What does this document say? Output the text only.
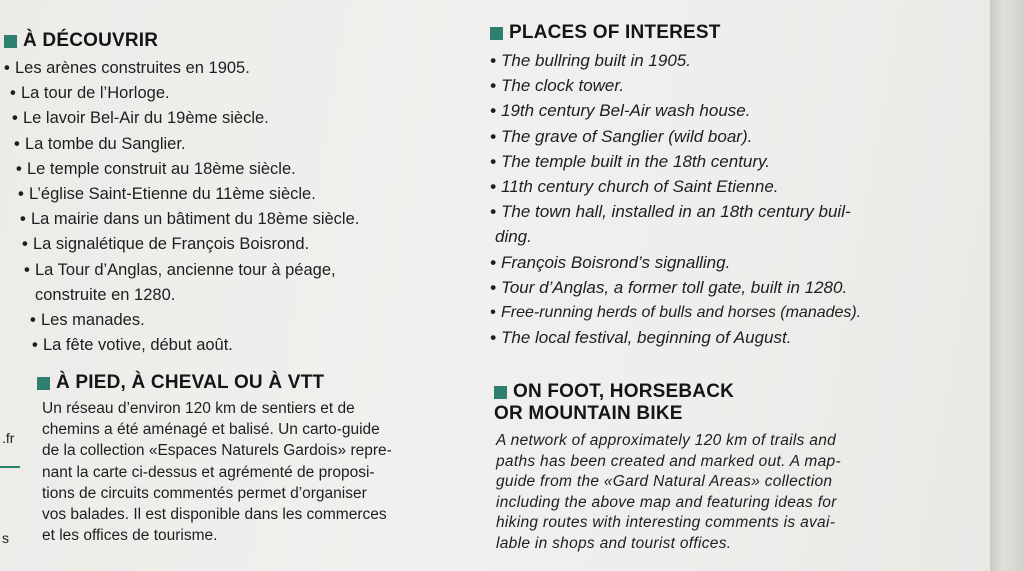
À DÉCOUVRIR
• Les arènes construites en 1905.
• La tour de l’Horloge.
• Le lavoir Bel-Air du 19ème siècle.
• La tombe du Sanglier.
• Le temple construit au 18ème siècle.
• L’église Saint-Etienne du 11ème siècle.
• La mairie dans un bâtiment du 18ème siècle.
• La signalétique de François Boisrond.
• La Tour d’Anglas, ancienne tour à péage,
construite en 1280.
• Les manades.
• La fête votive, début août.
À PIED, À CHEVAL OU À VTT
Un réseau d’environ 120 km de sentiers et de
chemins a été aménagé et balisé. Un carto-guide
de la collection «Espaces Naturels Gardois» repre-
nant la carte ci-dessus et agrémenté de proposi-
tions de circuits commentés permet d’organiser
vos balades. Il est disponible dans les commerces
et les offices de tourisme.
.fr
s
PLACES OF INTEREST
• The bullring built in 1905.
• The clock tower.
• 19th century Bel-Air wash house.
• The grave of Sanglier (wild boar).
• The temple built in the 18th century.
• 11th century church of Saint Etienne.
• The town hall, installed in an 18th century buil-
ding.
• François Boisrond’s signalling.
• Tour d’Anglas, a former toll gate, built in 1280.
• Free-running herds of bulls and horses (manades).
• The local festival, beginning of August.
ON FOOT, HORSEBACK
OR MOUNTAIN BIKE
A network of approximately 120 km of trails and
paths has been created and marked out. A map-
guide from the «Gard Natural Areas» collection
including the above map and featuring ideas for
hiking routes with interesting comments is avai-
lable in shops and tourist offices.
